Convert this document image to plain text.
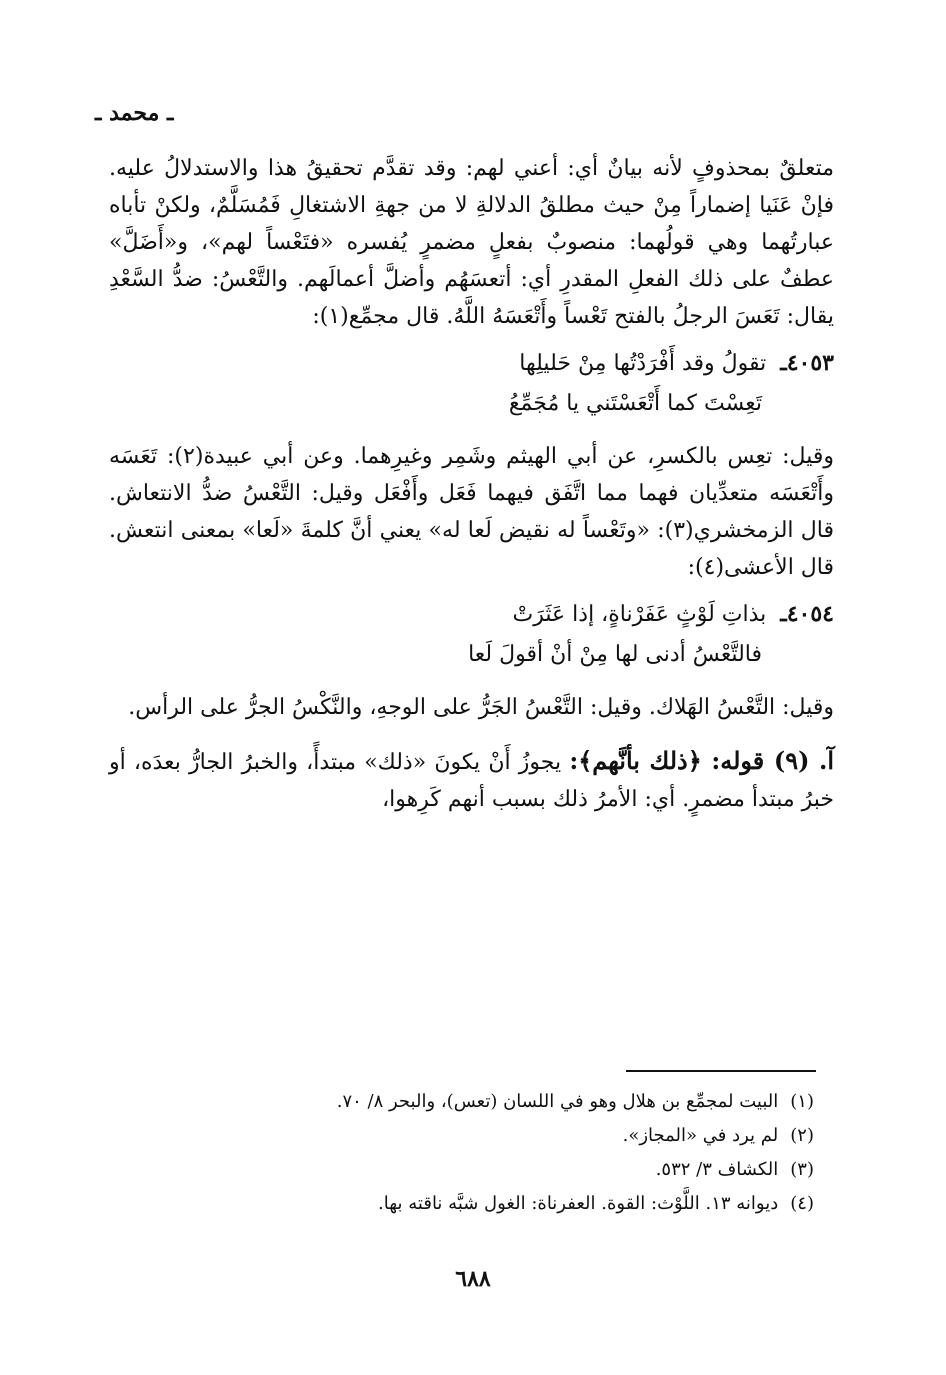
ـ محمد ـ

متعلقٌ بمحذوفٍ لأنه بيانٌ أي: أعني لهم: وقد تقدَّم تحقيقُ هذا والاستدلالُ عليه. فإنْ عَنَيا إضماراً مِنْ حيث مطلقُ الدلالةِ لا من جهةِ الاشتغالِ فَمُسَلَّمٌ، ولكنْ تأباه عبارتُهما وهي قولُهما: منصوبٌ بفعلٍ مضمرٍ يُفسره «فتَعْساً لهم»، و«أَضَلَّ» عطفٌ على ذلك الفعلِ المقدرِ أي: أتعسَهُم وأضلَّ أعمالَهم. والتَّعْسُ: ضدُّ السَّعْدِ يقال: تَعَسَ الرجلُ بالفتح تَعْساً وأَتْعَسَهُ اللَّهُ. قال مجمِّع(١):

٤٠٥٣ـ
تقولُ وقد أَفْرَدْتُها مِنْ حَليلِها
تَعِسْتَ كما أَتْعَسْتَني يا مُجَمِّعُ

وقيل: تعِس بالكسرِ، عن أبي الهيثم وشَمِر وغيرِهما. وعن أبي عبيدة(٢): تَعَسَه وأَتْعَسَه متعدِّيان فهما مما اتَّفَق فيهما فَعَل وأَفْعَل وقيل: التَّعْسُ ضدُّ الانتعاش. قال الزمخشري(٣): «وتَعْساً له نقيض لَعا له» يعني أنَّ كلمةَ «لَعا» بمعنى انتعش. قال الأعشى(٤):

٤٠٥٤ـ
بذاتِ لَوْثٍ عَفَرْناةٍ، إذا عَثَرَتْ
فالتَّعْسُ أدنى لها مِنْ أنْ أقولَ لَعا

وقيل: التَّعْسُ الهَلاك. وقيل: التَّعْسُ الجَرُّ على الوجهِ، والنَّكْسُ الجرُّ على الرأس.

آ. (٩) قوله: ﴿ذلك بأنَّهم﴾: يجوزُ أَنْ يكونَ «ذلك» مبتدأً، والخبرُ الجارُّ بعدَه، أو خبرُ مبتدأ مضمرٍ. أي: الأمرُ ذلك بسبب أنهم كَرِهوا،

(١)
البيت لمجمِّع بن هلال وهو في اللسان (تعس)، والبحر ٨/ ٧٠.
(٢)
لم يرد في «المجاز».
(٣)
الكشاف ٣/ ٥٣٢.
(٤)
ديوانه ١٣. اللَّوْث: القوة. العفرناة: الغول شبَّه ناقته بها.
٦٨٨
